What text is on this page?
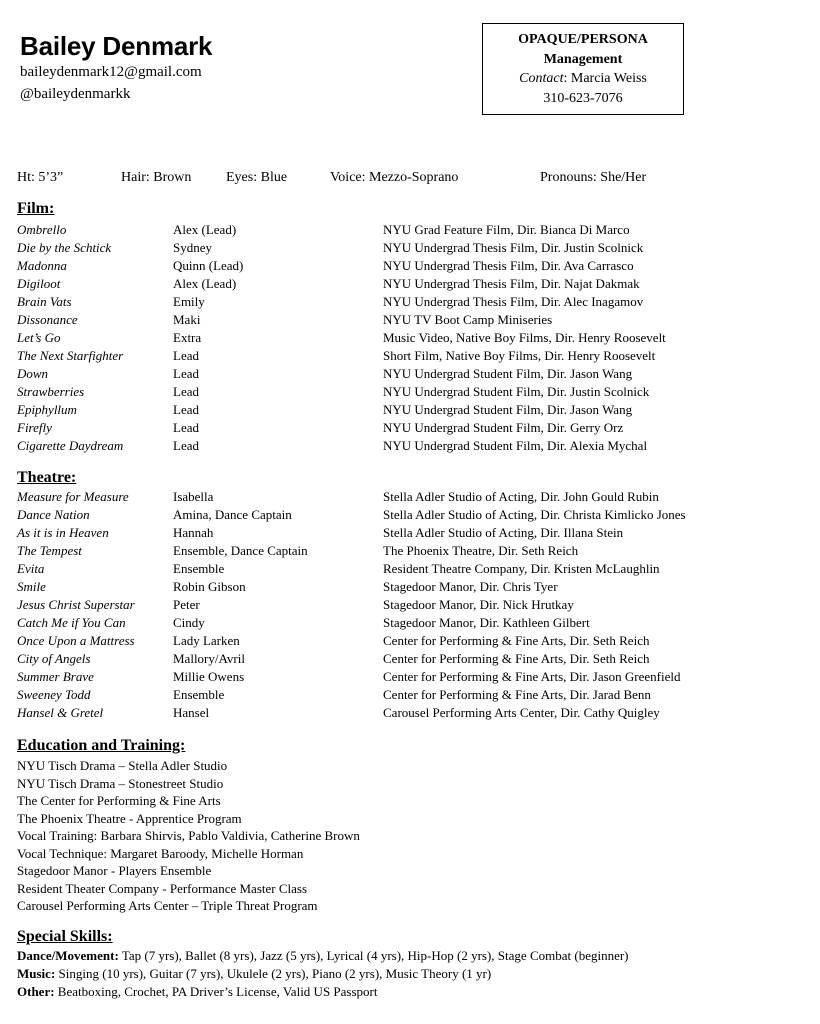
Bailey Denmark
baileydenmark12@gmail.com
@baileydenmarkk
OPAQUE/PERSONA
Management
Contact: Marcia Weiss
310-623-7076
Ht: 5’3”	Hair: Brown Eyes: Blue	Voice: Mezzo-Soprano	Pronouns: She/Her
Film:
Ombrello	Alex (Lead)	NYU Grad Feature Film, Dir. Bianca Di Marco
Die by the Schtick	Sydney	NYU Undergrad Thesis Film, Dir. Justin Scolnick
Madonna	Quinn (Lead)	NYU Undergrad Thesis Film, Dir. Ava Carrasco
Digiloot	Alex (Lead)	NYU Undergrad Thesis Film, Dir. Najat Dakmak
Brain Vats	Emily	NYU Undergrad Thesis Film, Dir. Alec Inagamov
Dissonance	Maki	NYU TV Boot Camp Miniseries
Let’s Go	Extra	Music Video, Native Boy Films, Dir. Henry Roosevelt
The Next Starfighter	Lead	Short Film, Native Boy Films, Dir. Henry Roosevelt
Down	Lead	NYU Undergrad Student Film, Dir. Jason Wang
Strawberries	Lead	NYU Undergrad Student Film, Dir. Justin Scolnick
Epiphyllum	Lead	NYU Undergrad Student Film, Dir. Jason Wang
Firefly	Lead	NYU Undergrad Student Film, Dir. Gerry Orz
Cigarette Daydream	Lead	NYU Undergrad Student Film, Dir. Alexia Mychal
Theatre:
Measure for Measure	Isabella	Stella Adler Studio of Acting, Dir. John Gould Rubin
Dance Nation	Amina, Dance Captain	Stella Adler Studio of Acting, Dir. Christa Kimlicko Jones
As it is in Heaven	Hannah	Stella Adler Studio of Acting, Dir. Illana Stein
The Tempest	Ensemble, Dance Captain	The Phoenix Theatre, Dir. Seth Reich
Evita	Ensemble	Resident Theatre Company, Dir. Kristen McLaughlin
Smile	Robin Gibson	Stagedoor Manor, Dir. Chris Tyer
Jesus Christ Superstar	Peter	Stagedoor Manor, Dir. Nick Hrutkay
Catch Me if You Can	Cindy	Stagedoor Manor, Dir. Kathleen Gilbert
Once Upon a Mattress	Lady Larken	Center for Performing & Fine Arts, Dir. Seth Reich
City of Angels	Mallory/Avril	Center for Performing & Fine Arts, Dir. Seth Reich
Summer Brave	Millie Owens	Center for Performing & Fine Arts, Dir. Jason Greenfield
Sweeney Todd	Ensemble	Center for Performing & Fine Arts, Dir. Jarad Benn
Hansel & Gretel	Hansel	Carousel Performing Arts Center, Dir. Cathy Quigley
Education and Training:
NYU Tisch Drama – Stella Adler Studio
NYU Tisch Drama – Stonestreet Studio
The Center for Performing & Fine Arts
The Phoenix Theatre - Apprentice Program
Vocal Training: Barbara Shirvis, Pablo Valdivia, Catherine Brown
Vocal Technique: Margaret Baroody, Michelle Horman
Stagedoor Manor - Players Ensemble
Resident Theater Company - Performance Master Class
Carousel Performing Arts Center – Triple Threat Program
Special Skills:
Dance/Movement: Tap (7 yrs), Ballet (8 yrs), Jazz (5 yrs), Lyrical (4 yrs), Hip-Hop (2 yrs), Stage Combat (beginner)
Music: Singing (10 yrs), Guitar (7 yrs), Ukulele (2 yrs), Piano (2 yrs), Music Theory (1 yr)
Other: Beatboxing, Crochet, PA Driver’s License, Valid US Passport
